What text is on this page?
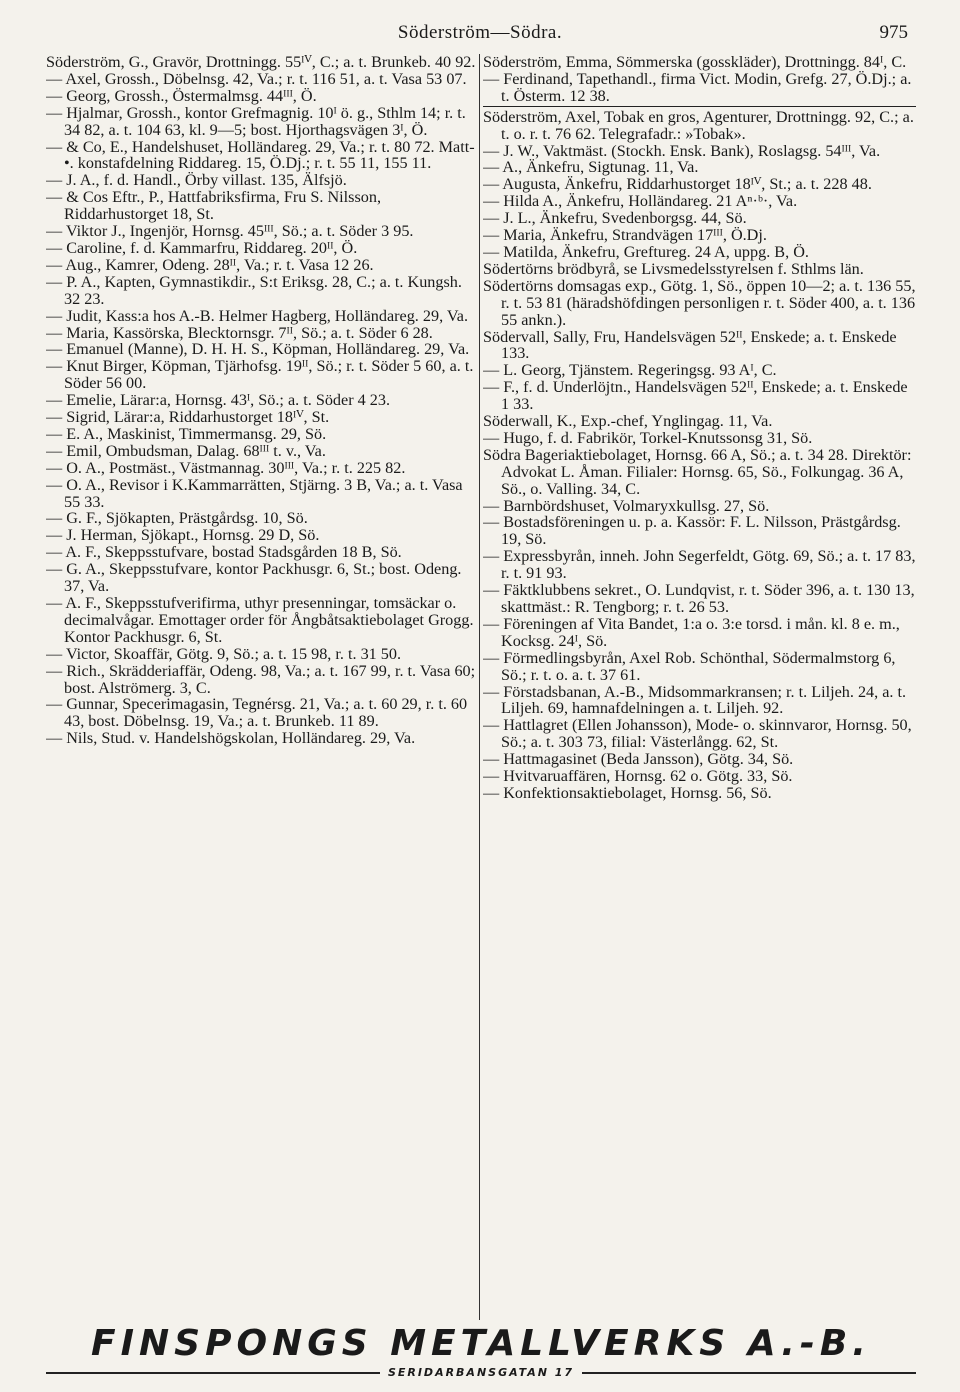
Söderström—Södra.	975
Söderström, G., Gravör, Drottningg. 55ᴵⱽ, C.; a. t. Brunkeb. 40 92.
— Axel, Grossh., Döbelnsg. 42, Va.; r. t. 116 51, a. t. Vasa 53 07.
— Georg, Grossh., Östermalmsg. 44ᴵᴵᴵ, Ö.
— Hjalmar, Grossh., kontor Grefmagnig. 10ᴵ ö. g., Sthlm 14; r. t. 34 82, a. t. 104 63, kl. 9—5; bost. Hjorthagsvägen 3ᴵ, Ö.
— & Co, E., Handelshuset, Holländareg. 29, Va.; r. t. 80 72. Matt- •. konstafdelning Riddareg. 15, Ö.Dj.; r. t. 55 11, 155 11.
— J. A., f. d. Handl., Örby villast. 135, Älfsjö.
— & Cos Eftr., P., Hattfabriksfirma, Fru S. Nilsson, Riddarhustorget 18, St.
— Viktor J., Ingenjör, Hornsg. 45ᴵᴵᴵ, Sö.; a. t. Söder 3 95.
— Caroline, f. d. Kammarfru, Riddareg. 20ᴵᴵ, Ö.
— Aug., Kamrer, Odeng. 28ᴵᴵ, Va.; r. t. Vasa 12 26.
— P. A., Kapten, Gymnastikdir., S:t Eriksg. 28, C.; a. t. Kungsh. 32 23.
— Judit, Kass:a hos A.-B. Helmer Hagberg, Holländareg. 29, Va.
— Maria, Kassörska, Blecktornsgr. 7ᴵᴵ, Sö.; a. t. Söder 6 28.
— Emanuel (Manne), D. H. H. S., Köpman, Holländareg. 29, Va.
— Knut Birger, Köpman, Tjärhofsg. 19ᴵᴵ, Sö.; r. t. Söder 5 60, a. t. Söder 56 00.
— Emelie, Lärar:a, Hornsg. 43ᴵ, Sö.; a. t. Söder 4 23.
— Sigrid, Lärar:a, Riddarhustorget 18ᴵⱽ, St.
— E. A., Maskinist, Timmermansg. 29, Sö.
— Emil, Ombudsman, Dalag. 68ᴵᴵᴵ t. v., Va.
— O. A., Postmäst., Västmannag. 30ᴵᴵᴵ, Va.; r. t. 225 82.
— O. A., Revisor i K.Kammarrätten, Stjärng. 3 B, Va.; a. t. Vasa 55 33.
— G. F., Sjökapten, Prästgårdsg. 10, Sö.
— J. Herman, Sjökapt., Hornsg. 29 D, Sö.
— A. F., Skeppsstufvare, bostad Stadsgården 18 B, Sö.
— G. A., Skeppsstufvare, kontor Packhusgr. 6, St.; bost. Odeng. 37, Va.
— A. F., Skeppsstufverifirma, uthyr presenningar, tomsäckar o. decimalvågar. Emottager order för Ångbåtsaktiebolaget Grogg. Kontor Packhusgr. 6, St.
— Victor, Skoaffär, Götg. 9, Sö.; a. t. 15 98, r. t. 31 50.
— Rich., Skrädderiaffär, Odeng. 98, Va.; a. t. 167 99, r. t. Vasa 60; bost. Alströmerg. 3, C.
— Gunnar, Specerimagasin, Tegnérsg. 21, Va.; a. t. 60 29, r. t. 60 43, bost. Döbelnsg. 19, Va.; a. t. Brunkeb. 11 89.
— Nils, Stud. v. Handelshögskolan, Holländareg. 29, Va.
Söderström, Emma, Sömmerska (gosskläder), Drottningg. 84ᴵ, C.
— Ferdinand, Tapethandl., firma Vict. Modin, Grefg. 27, Ö.Dj.; a. t. Österm. 12 38.
Söderström, Axel, Tobak en gros, Agenturer, Drottningg. 92, C.; a. t. o. r. t. 76 62. Telegrafadr.: »Tobak».
— J. W., Vaktmäst. (Stockh. Ensk. Bank), Roslagsg. 54ᴵᴵᴵ, Va.
— A., Änkefru, Sigtunag. 11, Va.
— Augusta, Änkefru, Riddarhustorget 18ᴵⱽ, St.; a. t. 228 48.
— Hilda A., Änkefru, Holländareg. 21 Aⁿ·ᵇ·, Va.
— J. L., Änkefru, Svedenborgsg. 44, Sö.
— Maria, Änkefru, Strandvägen 17ᴵᴵᴵ, Ö.Dj.
— Matilda, Änkefru, Greftureg. 24 A, uppg. B, Ö.
Södertörns brödbyrå, se Livsmedelsstyrelsen f. Sthlms län.
Södertörns domsagas exp., Götg. 1, Sö., öppen 10—2; a. t. 136 55, r. t. 53 81 (häradshöfdingen personligen r. t. Söder 400, a. t. 136 55 ankn.).
Södervall, Sally, Fru, Handelsvägen 52ᴵᴵ, Enskede; a. t. Enskede 133.
— L. Georg, Tjänstem. Regeringsg. 93 Aᴵ, C.
— F., f. d. Underlöjtn., Handelsvägen 52ᴵᴵ, Enskede; a. t. Enskede 1 33.
Söderwall, K., Exp.-chef, Ynglingag. 11, Va.
— Hugo, f. d. Fabrikör, Torkel-Knutssonsg 31, Sö.
Södra Bageriaktiebolaget, Hornsg. 66 A, Sö.; a. t. 34 28. Direktör: Advokat L. Åman. Filialer: Hornsg. 65, Sö., Folkungag. 36 A, Sö., o. Valling. 34, C.
— Barnbördshuset, Volmaryxkullsg. 27, Sö.
— Bostadsföreningen u. p. a. Kassör: F. L. Nilsson, Prästgårdsg. 19, Sö.
— Expressbyrån, inneh. John Segerfeldt, Götg. 69, Sö.; a. t. 17 83, r. t. 91 93.
— Fäktklubbens sekret., O. Lundqvist, r. t. Söder 396, a. t. 130 13, skattmäst.: R. Tengborg; r. t. 26 53.
— Föreningen af Vita Bandet, 1:a o. 3:e torsd. i mån. kl. 8 e. m., Kocksg. 24ᴵ, Sö.
— Förmedlingsbyrån, Axel Rob. Schönthal, Södermalmstorg 6, Sö.; r. t. o. a. t. 37 61.
— Förstadsbanan, A.-B., Midsommarkransen; r. t. Liljeh. 24, a. t. Liljeh. 69, hamnafdelningen a. t. Liljeh. 92.
— Hattlagret (Ellen Johansson), Mode- o. skinnvaror, Hornsg. 50, Sö.; a. t. 303 73, filial: Västerlångg. 62, St.
— Hattmagasinet (Beda Jansson), Götg. 34, Sö.
— Hvitvaruaffären, Hornsg. 62 o. Götg. 33, Sö.
— Konfektionsaktiebolaget, Hornsg. 56, Sö.
FINSPONGS METALLVERKS A.-B.
SERIDARBANSGATAN 17
